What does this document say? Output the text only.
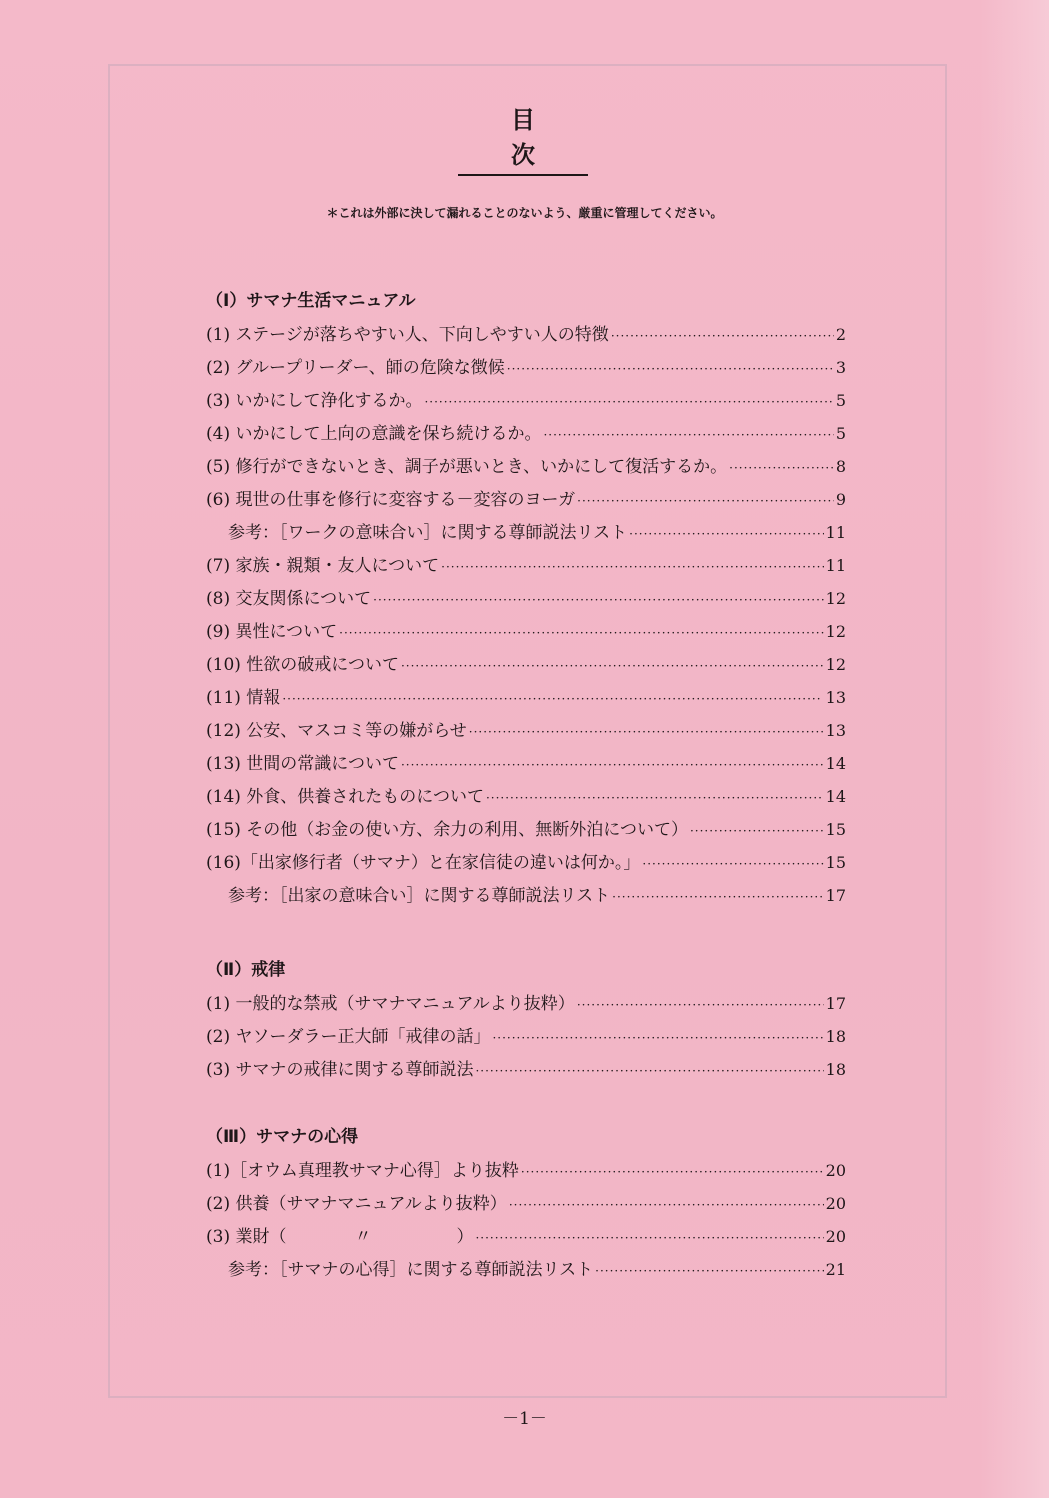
目　次
＊これは外部に決して漏れることのないよう、厳重に管理してください。
（Ⅰ）サマナ生活マニュアル
(1) ステージが落ちやすい人、下向しやすい人の特徴 ·····	2
(2) グループリーダー、師の危険な徴候 ·····	3
(3) いかにして浄化するか。 ·····	5
(4) いかにして上向の意識を保ち続けるか。 ·····	5
(5) 修行ができないとき、調子が悪いとき、いかにして復活するか。 ·····	8
(6) 現世の仕事を修行に変容する－変容のヨーガ ·····	9
参考：［ワークの意味合い］に関する尊師説法リスト ·····	11
(7) 家族・親類・友人について ·····	11
(8) 交友関係について ·····	12
(9) 異性について ·····	12
(10) 性欲の破戒について ·····	12
(11) 情報 ·····	13
(12) 公安、マスコミ等の嫌がらせ ·····	13
(13) 世間の常識について ·····	14
(14) 外食、供養されたものについて ·····	14
(15) その他（お金の使い方、余力の利用、無断外泊について） ·····	15
(16)「出家修行者（サマナ）と在家信徒の違いは何か。」 ·····	15
参考：［出家の意味合い］に関する尊師説法リスト ·····	17
（Ⅱ）戒律
(1) 一般的な禁戒（サマナマニュアルより抜粋） ·····	17
(2) ヤソーダラー正大師「戒律の話」 ·····	18
(3) サマナの戒律に関する尊師説法 ·····	18
（Ⅲ）サマナの心得
(1)［オウム真理教サマナ心得］より抜粋 ·····	20
(2) 供養（サマナマニュアルより抜粋） ·····	20
(3) 業財（　　　　〃　　　　　） ·····	20
参考：［サマナの心得］に関する尊師説法リスト ·····	21
－1－
